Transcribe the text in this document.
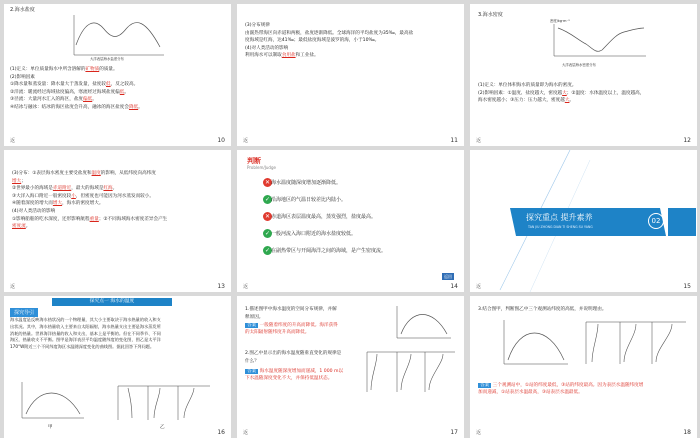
2.海水盐度
大洋表层海水盐度分布

(1)定义：单位质量海水中所含溶解的矿物质的质量。

(2)影响因素

①降水量和蒸发量：降水量大于蒸发量，盐度较低，反之较高。

②洋流：暖流经过海域盐度偏高，寒流经过海域盐度偏低。

③径流：大量河水汇入的海区，盐度偏低。

④结冰与融冰：结冰的海区盐度会升高，融冰的海区盐度会降低。

返	10

(3)分布规律

由副热带海区向赤道和两极，盐度逐渐降低。全球海洋的平均盐度为35‰，最高盐

度海域是红海，达41‰；最低盐度海域是波罗的海，小于10‰。

(4)对人类活动的影响

利用海水可以制取食用盐和工业盐。

返	11
3.海水密度
密度/kg·m⁻³
大洋表层海水密度分布

(1)定义：单位体积海水的质量即为海水的密度。

(2)影响因素：①温度、盐度越大，密度越大；②温度：水体温度以上，温度越高，

海水密度越小；③压力：压力越大，密度越大。

返	12

(3)分布：①表层海水密度主要受盐度和温度的影响，从低纬度向高纬度

增大；

②世界最小的海域是赤道附近，最大的海域是红海。

③大洋入海口附近一般密度较小，但密度也可能因为河水蒸发而较小。

④随着深度的增大而增大，海水的密度增大。

(4)对人类活动的影响

①影响船舶的吃水深度，还形影响航程重量；②不同海域海水密度差异会产生

密度流。

返	13
判断
Problem/Judge
✕ 海水温度随深度增加逐渐降低。
✓ 沿海地区的气温日较差比内陆小。
✕ 赤道海区表层温度最高，蒸发强烈，盐度最高。
✓ 一般河流入海口附近的海水盐度较低。
✓ 在副热带区与开阔海洋之间的海域，是产生密度流。
返回
返	14
探究重点 提升素养
TAN JIU ZHONG DIAN TI SHENG SU YANG
02
返	15
探究点一 海水的温度
探究导引

海水温度是反映海水热状况的一个物理量，其大小主要取决于海水热量的收入和支

出状况。其中，海水热量收入主要来自太阳辐射，海水热量支出主要是海水蒸发所

消耗的热量。世界海洋热量的收入和支出，基本上是平衡的。但在不同季节、不同

海区，热量收支不平衡。图甲是海洋表层平均温度随纬度的变化图，图乙是太平洋

170°W附近三个不同纬度海区水温随深度变化的曲线图。据此回答下列问题。

甲	乙
16

1.描述图甲中海水温度的空间分布规律，并解

释原因。

答案 一般随着纬度的升高而降低。海洋获得

的太阳辐射随纬度升高而降低。

2.图乙中显示出的海水温度随垂直变化的规律是

什么？

答案 海水温度随深度增加而递减，1 000 m以

下水温随深度变化不大，并保持低温状态。

返	17
3.结合图甲，判断图乙中三个观测站纬度的高低，并说明理由。

答案 三个观测站中，①站的纬度最低，③站的纬度最高。因为表层水温随纬度增

加而递减，①站表层水温最高，③站表层水温最低。

返	18
